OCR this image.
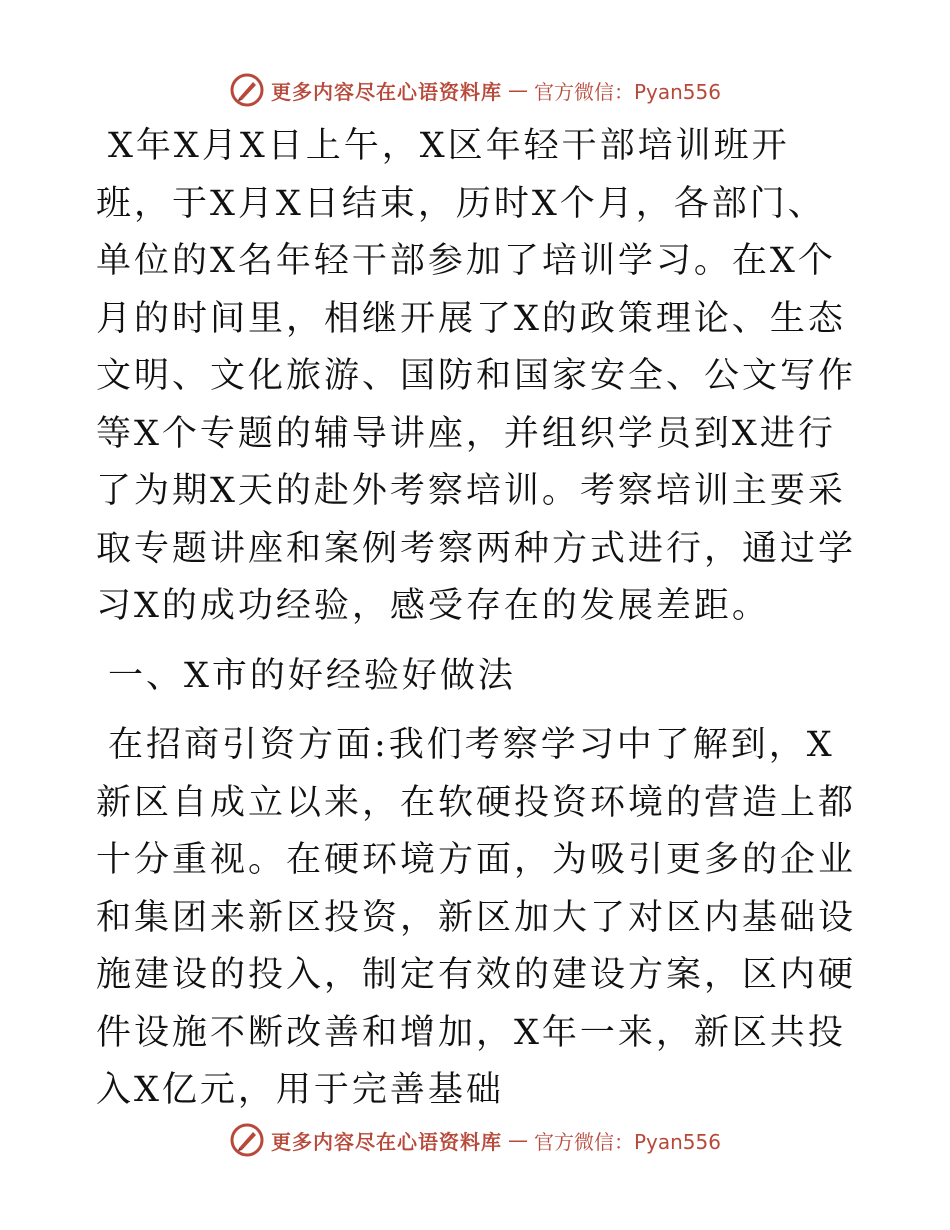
更多内容尽在心语资料库 — 官方微信：Pyan556

X年X月X日上午，X区年轻干部培训班开班，于X月X日结束，历时X个月，各部门、单位的X名年轻干部参加了培训学习。在X个月的时间里，相继开展了X的政策理论、生态文明、文化旅游、国防和国家安全、公文写作等X个专题的辅导讲座，并组织学员到X进行了为期X天的赴外考察培训。考察培训主要采取专题讲座和案例考察两种方式进行，通过学习X的成功经验，感受存在的发展差距。

一、X市的好经验好做法

在招商引资方面:我们考察学习中了解到，X新区自成立以来，在软硬投资环境的营造上都十分重视。在硬环境方面，为吸引更多的企业和集团来新区投资，新区加大了对区内基础设施建设的投入，制定有效的建设方案，区内硬件设施不断改善和增加，X年一来，新区共投入X亿元，用于完善基础

更多内容尽在心语资料库 — 官方微信：Pyan556
